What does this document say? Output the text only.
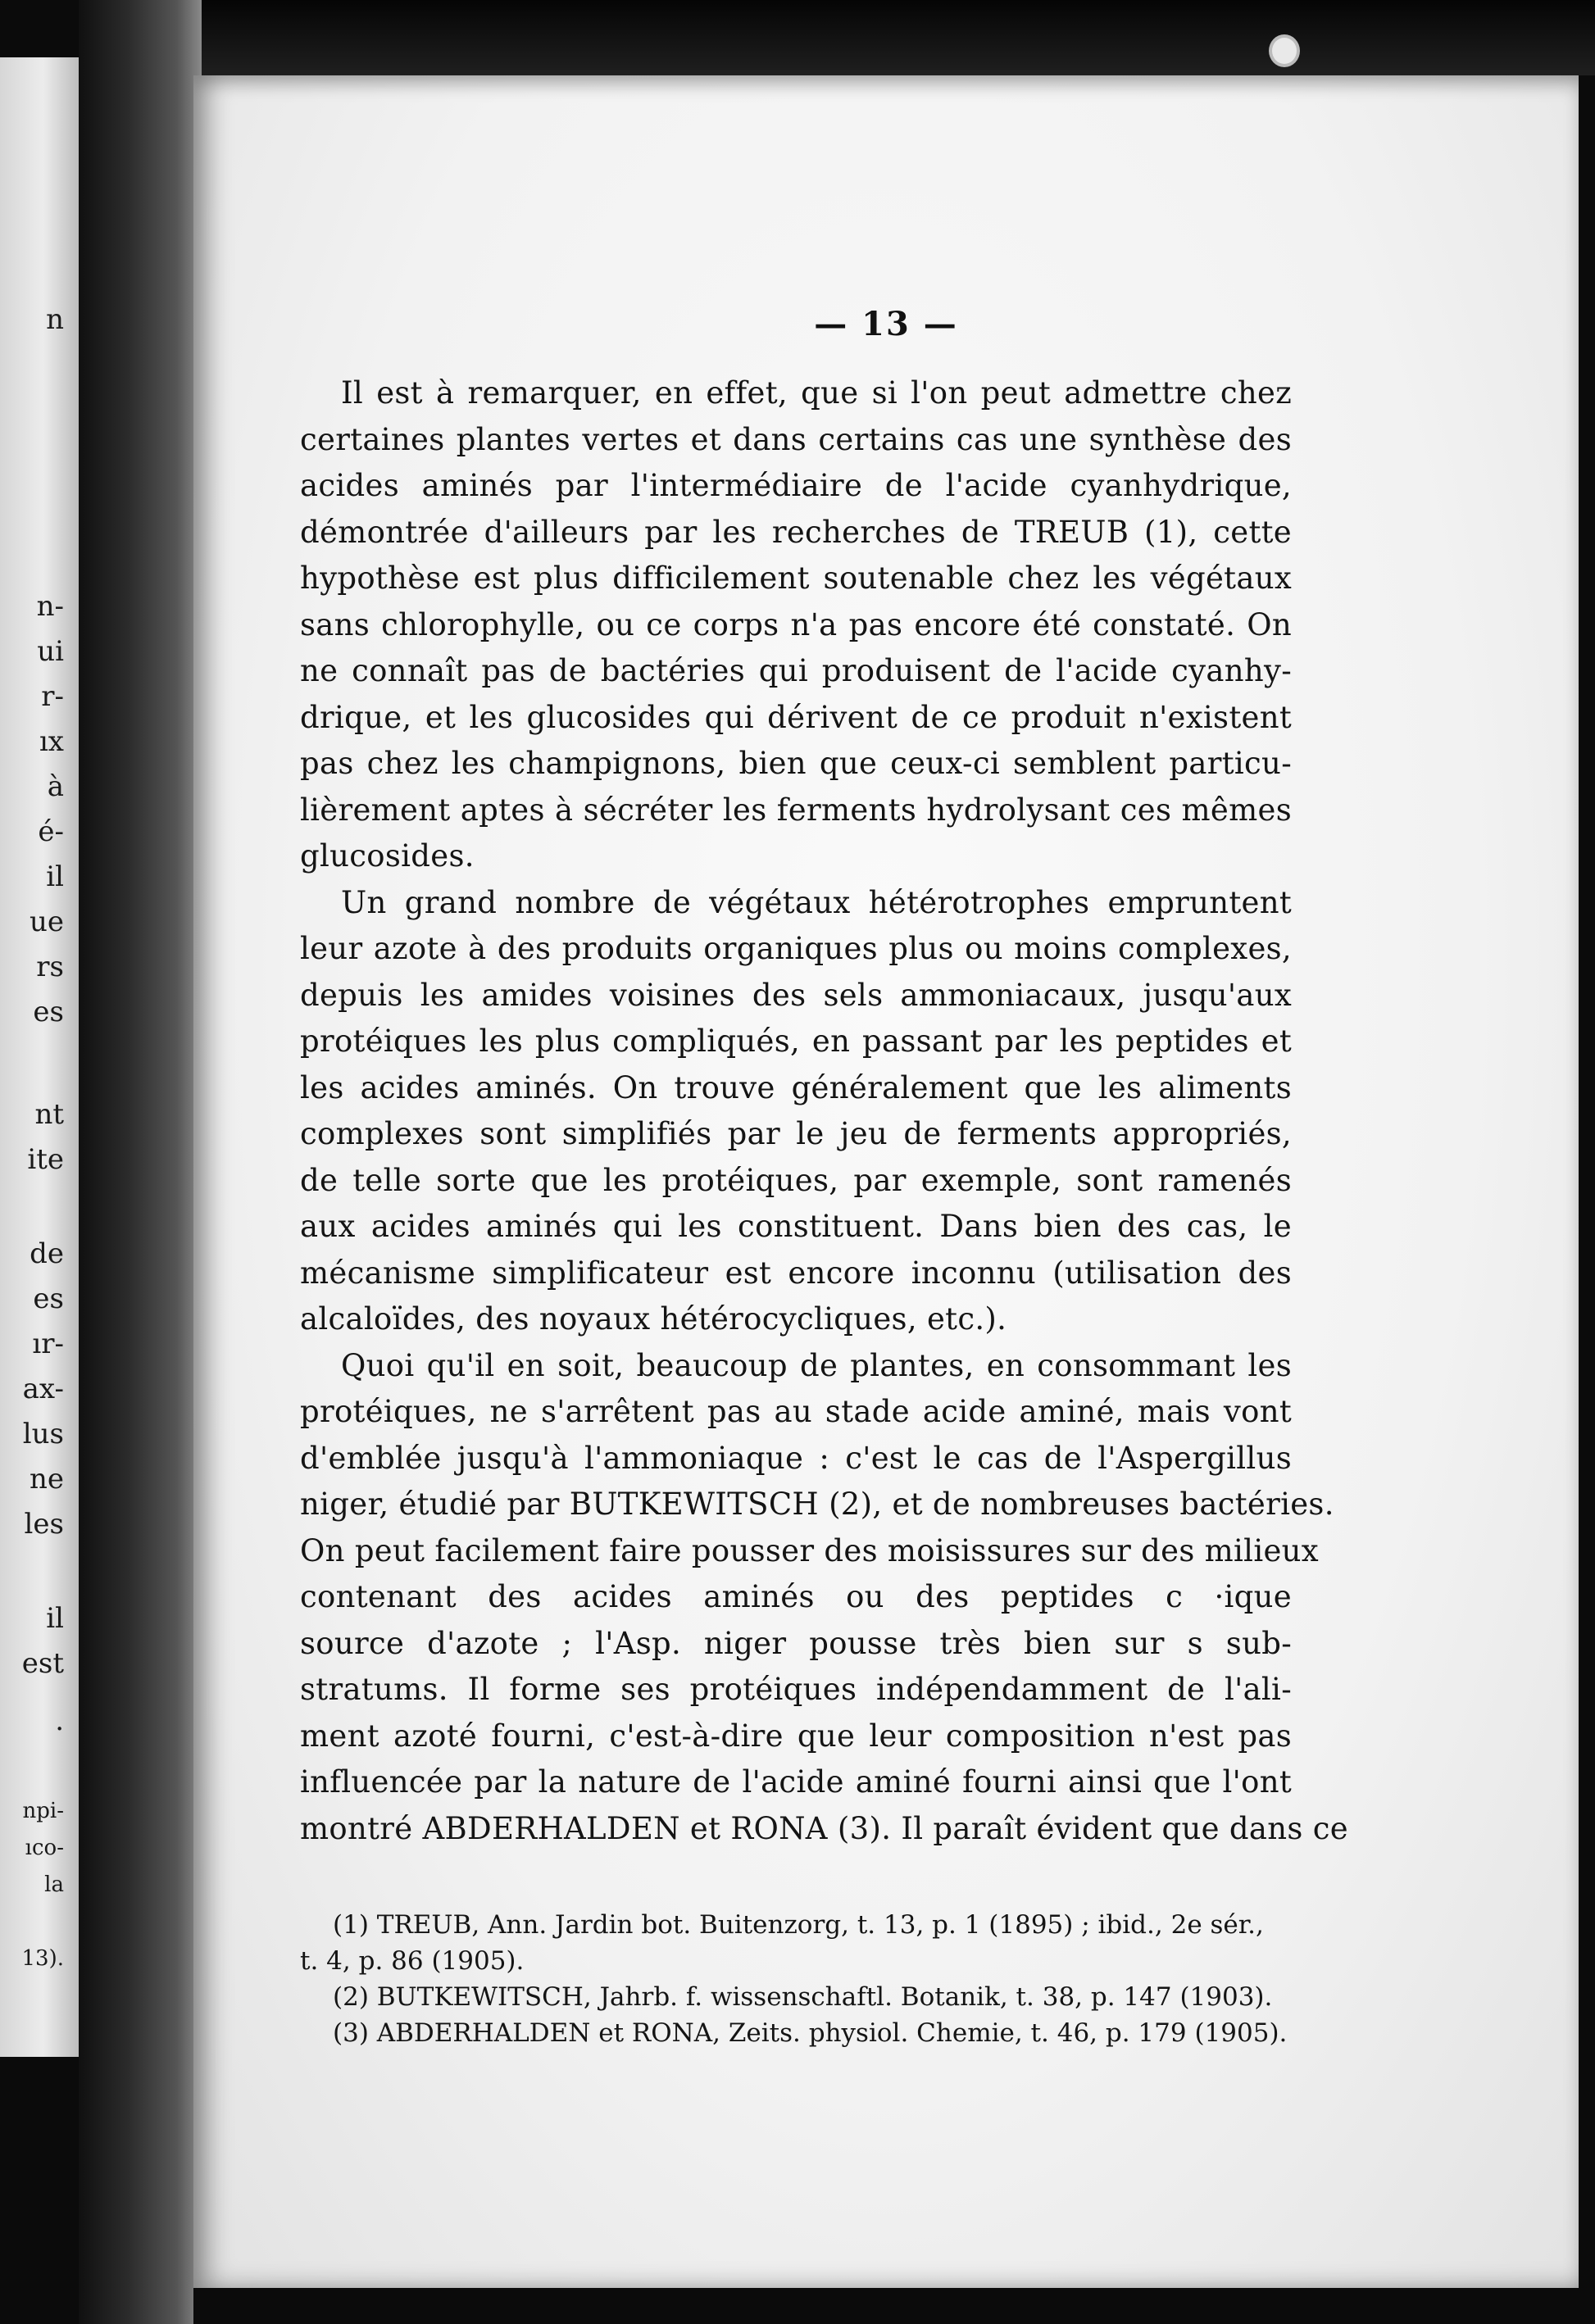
n
n-
ui
r-
ıx
à
é-
il
ue
rs
es
nt
ite
de
es
ır-
ax-
lus
ne
les
il
est
.
npi-
ıco-
la
13).
— 13 —
Il est à remarquer, en effet, que si l'on peut admettre chez
certaines plantes vertes et dans certains cas une synthèse des
acides aminés par l'intermédiaire de l'acide cyanhydrique,
démontrée d'ailleurs par les recherches de TREUB (1), cette
hypothèse est plus difficilement soutenable chez les végétaux
sans chlorophylle, ou ce corps n'a pas encore été constaté. On
ne connaît pas de bactéries qui produisent de l'acide cyanhy-
drique, et les glucosides qui dérivent de ce produit n'existent
pas chez les champignons, bien que ceux-ci semblent particu-
lièrement aptes à sécréter les ferments hydrolysant ces mêmes
glucosides.
Un grand nombre de végétaux hétérotrophes empruntent
leur azote à des produits organiques plus ou moins complexes,
depuis les amides voisines des sels ammoniacaux, jusqu'aux
protéiques les plus compliqués, en passant par les peptides et
les acides aminés. On trouve généralement que les aliments
complexes sont simplifiés par le jeu de ferments appropriés,
de telle sorte que les protéiques, par exemple, sont ramenés
aux acides aminés qui les constituent. Dans bien des cas, le
mécanisme simplificateur est encore inconnu (utilisation des
alcaloïdes, des noyaux hétérocycliques, etc.).
Quoi qu'il en soit, beaucoup de plantes, en consommant les
protéiques, ne s'arrêtent pas au stade acide aminé, mais vont
d'emblée jusqu'à l'ammoniaque : c'est le cas de l'Aspergillus
niger, étudié par BUTKEWITSCH (2), et de nombreuses bactéries.
On peut facilement faire pousser des moisissures sur des milieux
contenant des acides aminés ou des peptides c ·ique
source d'azote ; l'Asp. niger pousse très bien sur s sub-
stratums. Il forme ses protéiques indépendamment de l'ali-
ment azoté fourni, c'est-à-dire que leur composition n'est pas
influencée par la nature de l'acide aminé fourni ainsi que l'ont
montré ABDERHALDEN et RONA (3). Il paraît évident que dans ce
(1) TREUB, Ann. Jardin bot. Buitenzorg, t. 13, p. 1 (1895) ; ibid., 2e sér.,
t. 4, p. 86 (1905).
(2) BUTKEWITSCH, Jahrb. f. wissenschaftl. Botanik, t. 38, p. 147 (1903).
(3) ABDERHALDEN et RONA, Zeits. physiol. Chemie, t. 46, p. 179 (1905).
